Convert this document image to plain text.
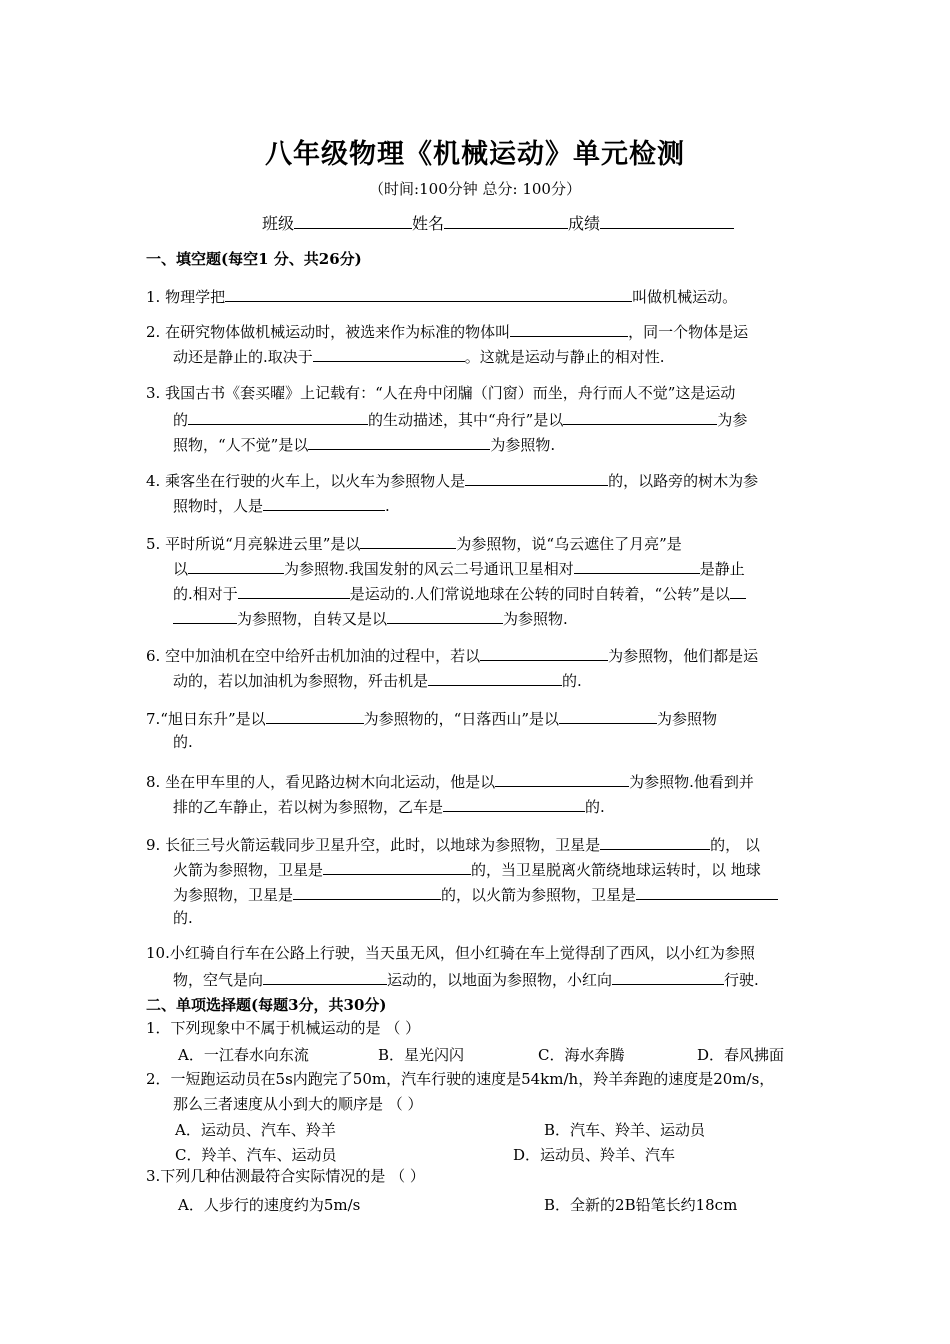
八年级物理《机械运动》单元检测
（时间:100分钟 总分: 100分）
班级	姓名	成绩
一、填空题(每空1 分、共26分)
1. 物理学把	叫做机械运动。
2. 在研究物体做机械运动时，被选来作为标准的物体叫	，同一个物体是运
动还是静止的.取决于	。这就是运动与静止的相对性.
3. 我国古书《套买曜》上记载有：“人在舟中闭牖（门窗）而坐，舟行而人不觉”这是运动
的	的生动描述，其中“舟行”是以	为参
照物，“人不觉”是以	为参照物.
4. 乘客坐在行驶的火车上，以火车为参照物人是	的，以路旁的树木为参
照物时，人是	.
5. 平时所说“月亮躲进云里”是以	为参照物，说“乌云遮住了月亮”是
以	为参照物.我国发射的风云二号通讯卫星相对	是静止
的.相对于	是运动的.人们常说地球在公转的同时自转着，“公转”是以
为参照物，自转又是以	为参照物.
6. 空中加油机在空中给歼击机加油的过程中，若以	为参照物，他们都是运
动的，若以加油机为参照物，歼击机是	的.
7.“旭日东升”是以	为参照物的，“日落西山”是以	为参照物
的.
8. 坐在甲车里的人，看见路边树木向北运动，他是以	为参照物.他看到并
排的乙车静止，若以树为参照物，乙车是	的.
9. 长征三号火箭运载同步卫星升空，此时，以地球为参照物，卫星是	的， 以
火箭为参照物，卫星是	的，当卫星脱离火箭绕地球运转时，以 地球
为参照物，卫星是	的，以火箭为参照物，卫星是
的.
10.小红骑自行车在公路上行驶，当天虽无风，但小红骑在车上觉得刮了西风，以小红为参照
物，空气是向	运动的，以地面为参照物，小红向	行驶.
二、单项选择题(每题3分，共30分)
1．下列现象中不属于机械运动的是 （ ）
A．一江春水向东流	B．星光闪闪	C．海水奔腾	D．春风拂面
2．一短跑运动员在5s内跑完了50m，汽车行驶的速度是54km/h，羚羊奔跑的速度是20m/s，
那么三者速度从小到大的顺序是 （ ）
A．运动员、汽车、羚羊	B．汽车、羚羊、运动员
C．羚羊、汽车、运动员	D．运动员、羚羊、汽车
3.下列几种估测最符合实际情况的是 （ ）
A．人步行的速度约为5m/s	B．全新的2B铅笔长约18cm
